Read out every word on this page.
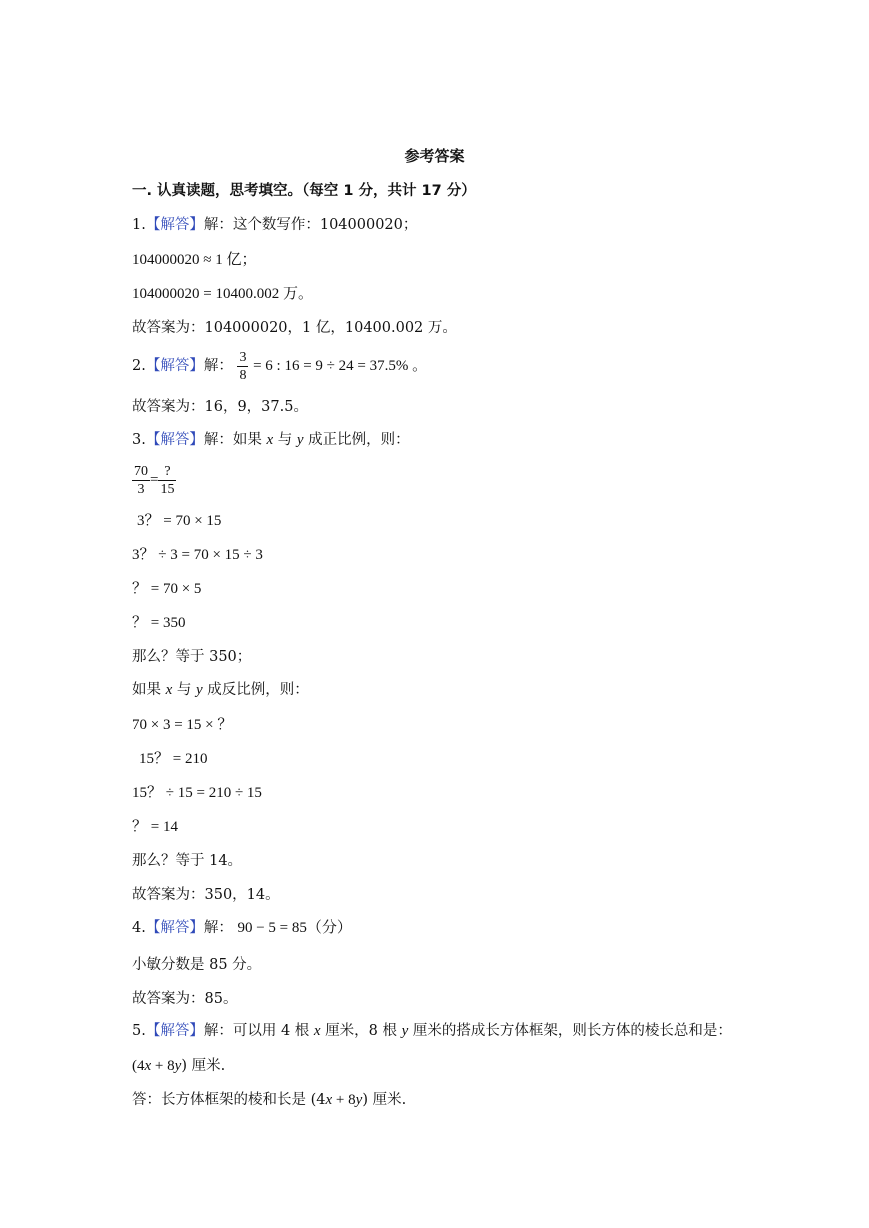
参考答案
一. 认真读题，思考填空。（每空 1 分，共计 17 分）
1.【解答】解：这个数写作：104000020；
104000020 ≈ 1 亿；
104000020 = 10400.002 万。
故答案为：104000020，1 亿，10400.002 万。
2.【解答】解： $\frac{3}{8} = 6$ : 16 = 9 ÷ 24 = 37.5% 。
故答案为：16，9，37.5。
3.【解答】解：如果 x 与 y 成正比例，则：
$\frac{70}{3} = \frac{?}{15}$
3？ = 70 × 15
3？ ÷ 3 = 70 × 15 ÷ 3
？ = 70 × 5
？ = 350
那么？等于 350；
如果 x 与 y 成反比例，则：
70 × 3 = 15 × ？
15？ = 210
15？ ÷ 15 = 210 ÷ 15
？ = 14
那么？等于 14。
故答案为：350，14。
4.【解答】解： 90 − 5 = 85（分）
小敏分数是 85 分。
故答案为：85。
5.【解答】解：可以用 4 根 x 厘米，8 根 y 厘米的搭成长方体框架，则长方体的棱长总和是：
(4x + 8y) 厘米.
答：长方体框架的棱和长是 (4x + 8y) 厘米.
